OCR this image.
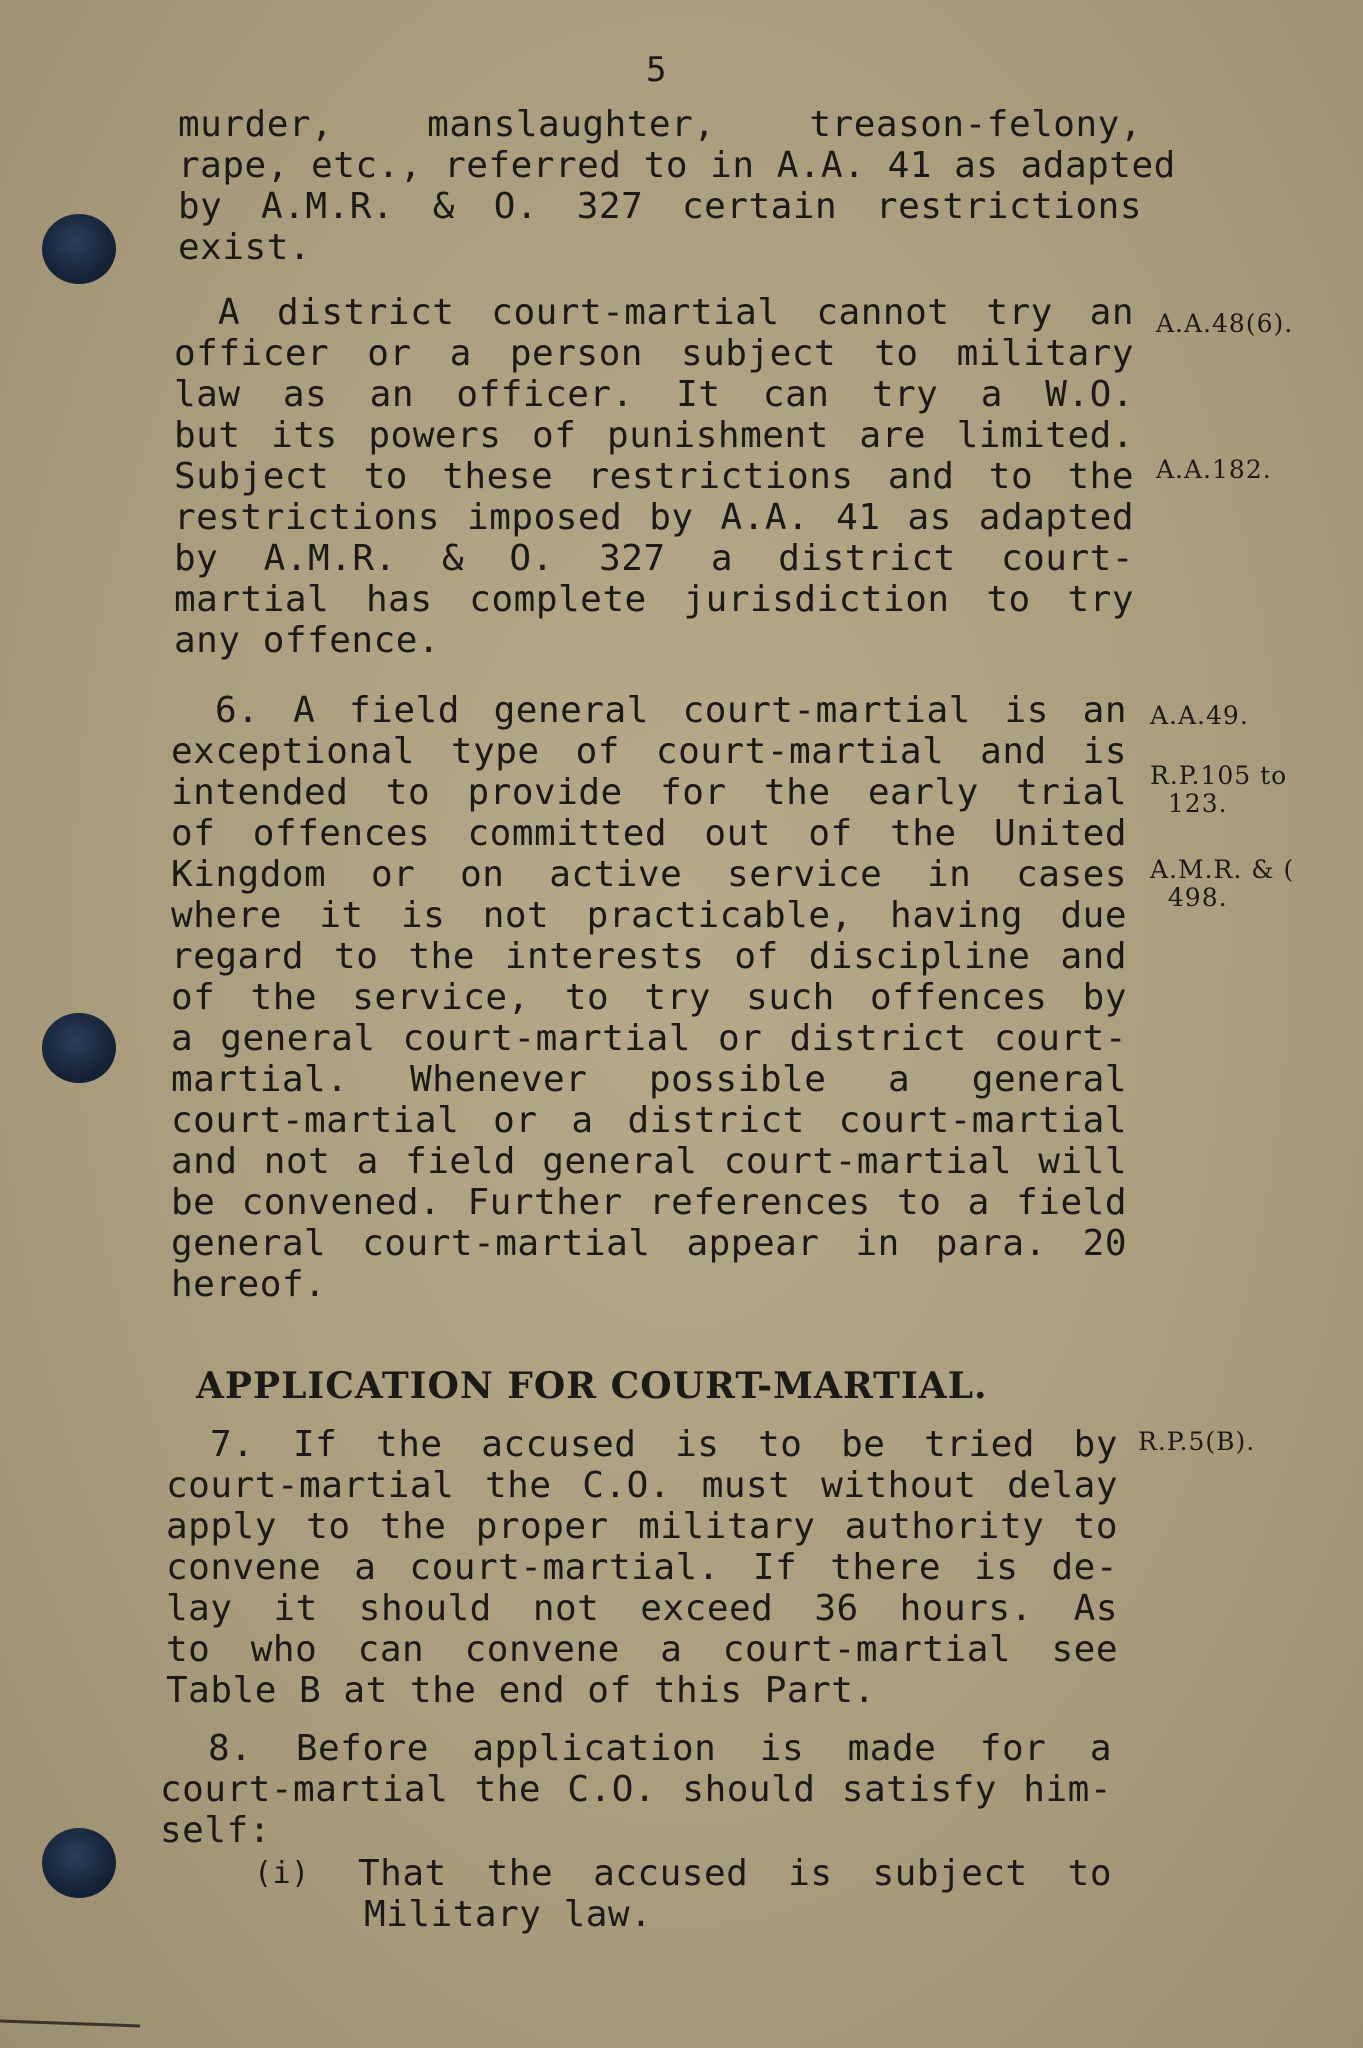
5
murder, manslaughter, treason-felony,
rape, etc., referred to in A.A. 41 as adapted
by A.M.R. & O. 327 certain restrictions
exist.
A district court-martial cannot try an
officer or a person subject to military
law as an officer. It can try a W.O.
but its powers of punishment are limited.
Subject to these restrictions and to the
restrictions imposed by A.A. 41 as adapted
by A.M.R. & O. 327 a district court-
martial has complete jurisdiction to try
any offence.
6. A field general court-martial is an
exceptional type of court-martial and is
intended to provide for the early trial
of offences committed out of the United
Kingdom or on active service in cases
where it is not practicable, having due
regard to the interests of discipline and
of the service, to try such offences by
a general court-martial or district court-
martial. Whenever possible a general
court-martial or a district court-martial
and not a field general court-martial will
be convened. Further references to a field
general court-martial appear in para. 20
hereof.
APPLICATION FOR COURT-MARTIAL.
7. If the accused is to be tried by
court-martial the C.O. must without delay
apply to the proper military authority to
convene a court-martial. If there is de-
lay it should not exceed 36 hours. As
to who can convene a court-martial see
Table B at the end of this Part.
8. Before application is made for a
court-martial the C.O. should satisfy him-
self:
(i) That the accused is subject to
Military law.
A.A.48(6).
A.A.182.
A.A.49.
R.P.105 to
123.
A.M.R. & (
498.
R.P.5(B).
